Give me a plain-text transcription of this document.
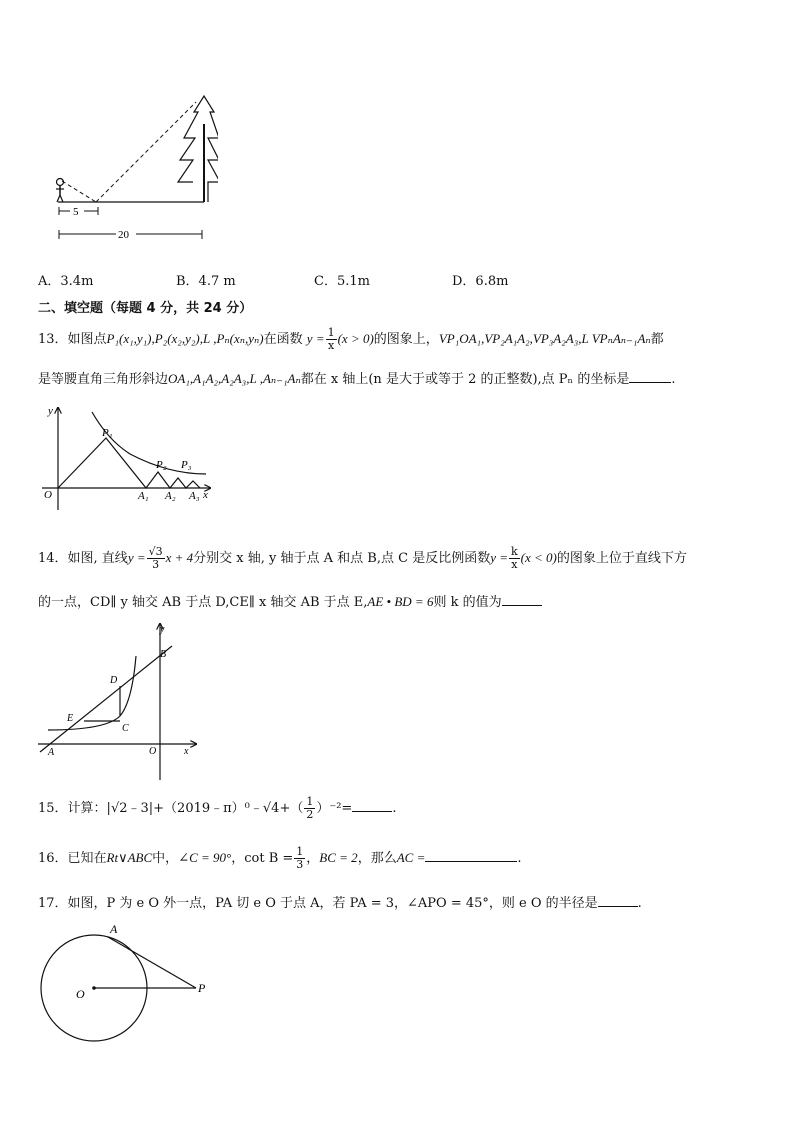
5
20
A．3.4m	B．4.7 m	C．5.1m	D．6.8m
二、填空题（每题 4 分，共 24 分）
13．如图点P₁(x₁,y₁),P₂(x₂,y₂),L ,Pₙ(xₙ,yₙ)在函数 $y = \frac{1}{x} (x > 0)$的图象上，VP₁OA₁,VP₂A₁A₂,VP₃A₂A₃,L VPₙAₙ₋₁Aₙ都
是等腰直角三角形斜边OA₁,A₁A₂,A₂A₃,L ,Aₙ₋₁Aₙ都在 x 轴上(n 是大于或等于 2 的正整数),点 Pₙ 的坐标是	.
y
x
O
P₁
P₂ P₃
A₁ A₂ A₃
14．如图, 直线$y = \frac{√3}{3}$ x + 4分别交 x 轴, y 轴于点 A 和点 B,点 C 是反比例函数$y = \frac{k}{x} (x < 0)$的图象上位于直线下方
的一点，CD∥ y 轴交 AB 于点 D,CE∥ x 轴交 AB 于点 E,AE • BD = 6则 k 的值为
y
x
B
D
E
C
A	O
15．计算：|√2﹣3|+（2019﹣π）⁰﹣√4+（ $\frac{1}{2} )^{-2}=$	.
16．已知在Rt∨ABC中，∠C = 90°，$\cot B = \frac{1}{3}$ ，BC = 2，那么AC =	.
17．如图，P 为 e O 外一点，PA 切 e O 于点 A，若 PA = 3，∠APO = 45°，则 e O 的半径是	.
A
O	P
